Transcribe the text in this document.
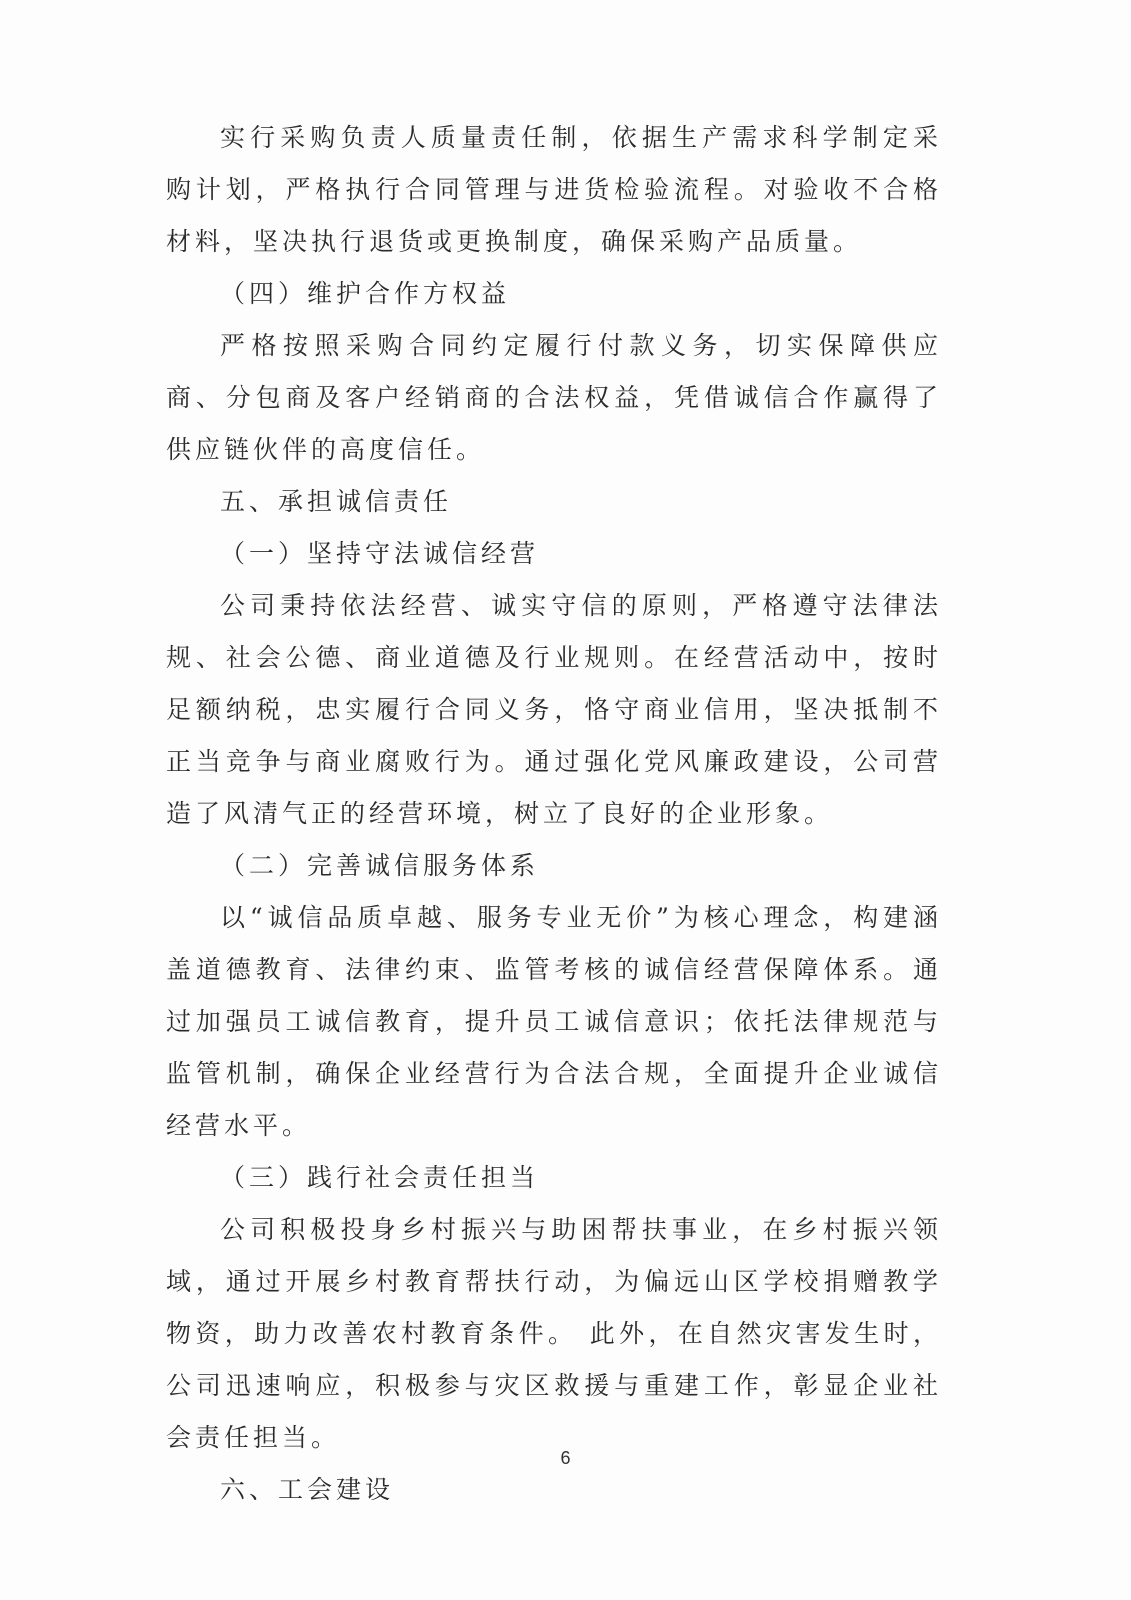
实行采购负责人质量责任制，依据生产需求科学制定采购计划，严格执行合同管理与进货检验流程。对验收不合格材料，坚决执行退货或更换制度，确保采购产品质量。

（四）维护合作方权益

严格按照采购合同约定履行付款义务，切实保障供应商、分包商及客户经销商的合法权益，凭借诚信合作赢得了供应链伙伴的高度信任。

五、承担诚信责任

（一）坚持守法诚信经营

公司秉持依法经营、诚实守信的原则，严格遵守法律法规、社会公德、商业道德及行业规则。在经营活动中，按时足额纳税，忠实履行合同义务，恪守商业信用，坚决抵制不正当竞争与商业腐败行为。通过强化党风廉政建设，公司营造了风清气正的经营环境，树立了良好的企业形象。

（二）完善诚信服务体系

以“诚信品质卓越、服务专业无价”为核心理念，构建涵盖道德教育、法律约束、监管考核的诚信经营保障体系。通过加强员工诚信教育，提升员工诚信意识；依托法律规范与监管机制，确保企业经营行为合法合规，全面提升企业诚信经营水平。

（三）践行社会责任担当

公司积极投身乡村振兴与助困帮扶事业，在乡村振兴领域，通过开展乡村教育帮扶行动，为偏远山区学校捐赠教学物资，助力改善农村教育条件。 此外，在自然灾害发生时，公司迅速响应，积极参与灾区救援与重建工作，彰显企业社会责任担当。

六、工会建设

6
